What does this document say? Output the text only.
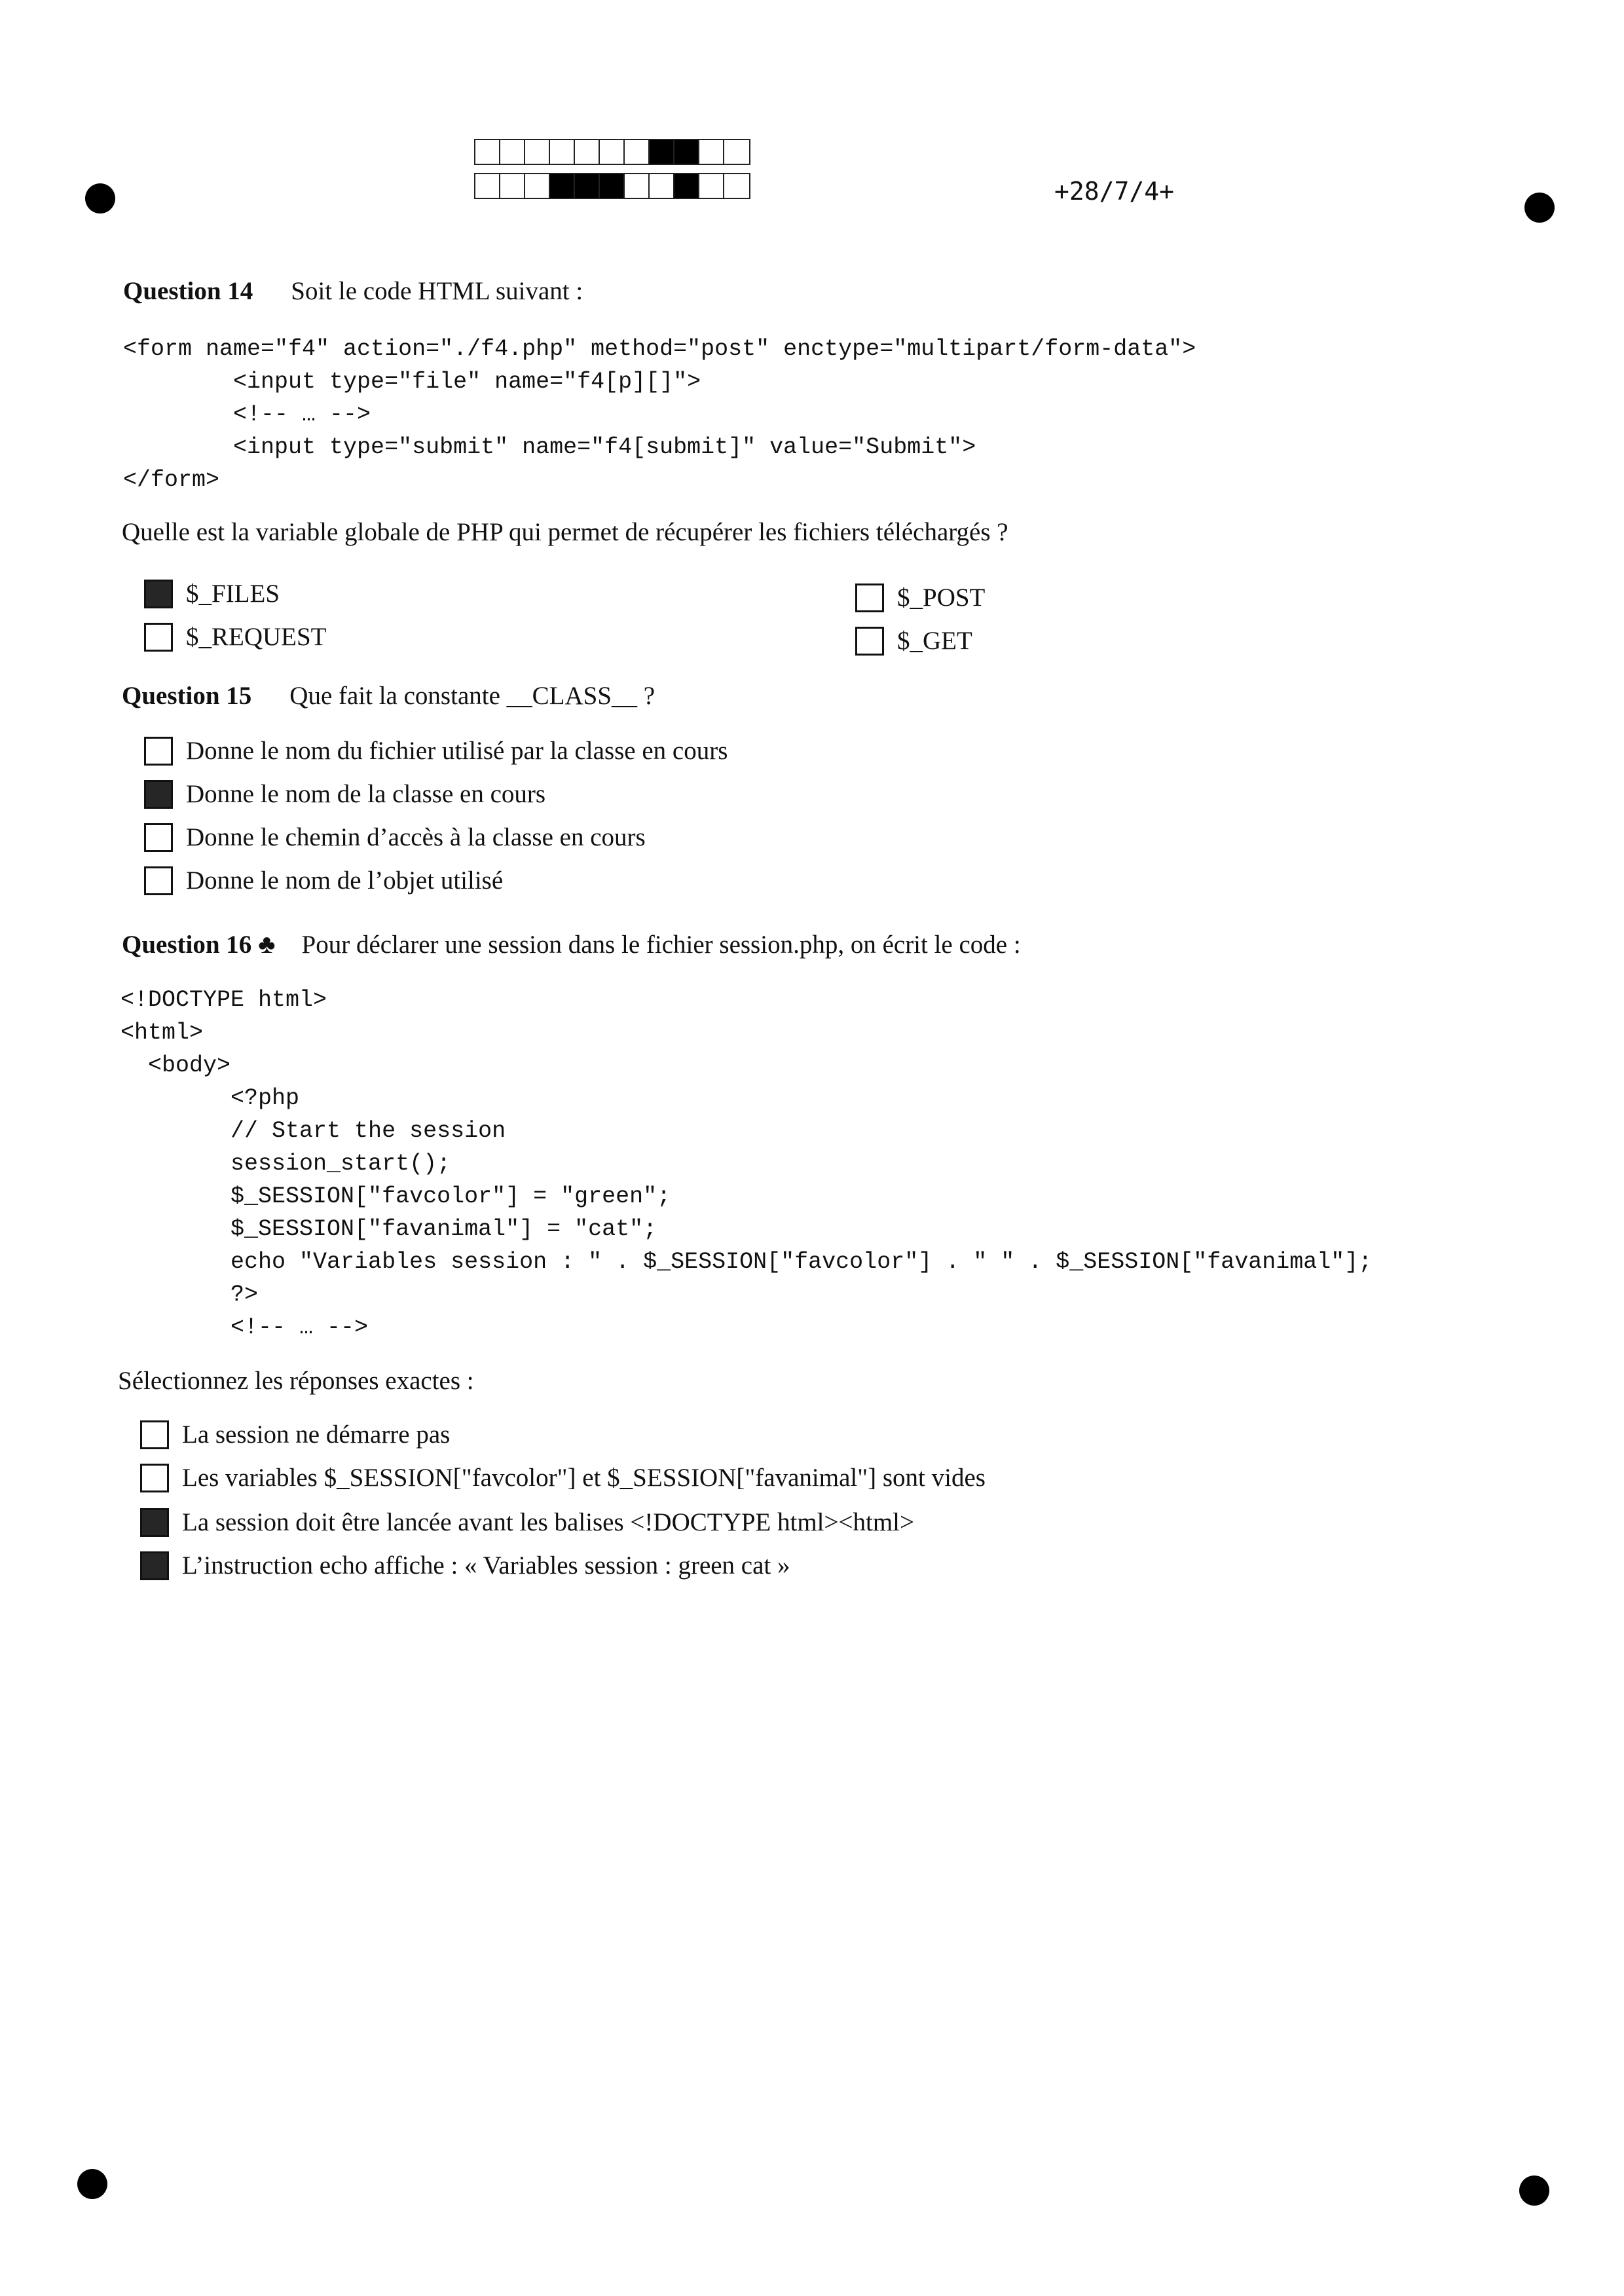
+28/7/4+
Question 14 Soit le code HTML suivant :
<form name="f4" action="./f4.php" method="post" enctype="multipart/form-data">
<input type="file" name="f4[p][]">
<!-- … -->
<input type="submit" name="f4[submit]" value="Submit">
</form>
Quelle est la variable globale de PHP qui permet de récupérer les fichiers téléchargés ?
$_FILES
$_REQUEST
$_POST
$_GET
Question 15 Que fait la constante __CLASS__ ?
Donne le nom du fichier utilisé par la classe en cours
Donne le nom de la classe en cours
Donne le chemin d’accès à la classe en cours
Donne le nom de l’objet utilisé
Question 16 ♣ Pour déclarer une session dans le fichier session.php, on écrit le code :
<!DOCTYPE html>
<html>
<body>
<?php
// Start the session
session_start();
$_SESSION["favcolor"] = "green";
$_SESSION["favanimal"] = "cat";
echo "Variables session : " . $_SESSION["favcolor"] . " " . $_SESSION["favanimal"];
?>
<!-- … -->
Sélectionnez les réponses exactes :
La session ne démarre pas
Les variables $_SESSION["favcolor"] et $_SESSION["favanimal"] sont vides
La session doit être lancée avant les balises <!DOCTYPE html><html>
L’instruction echo affiche : « Variables session : green cat »
